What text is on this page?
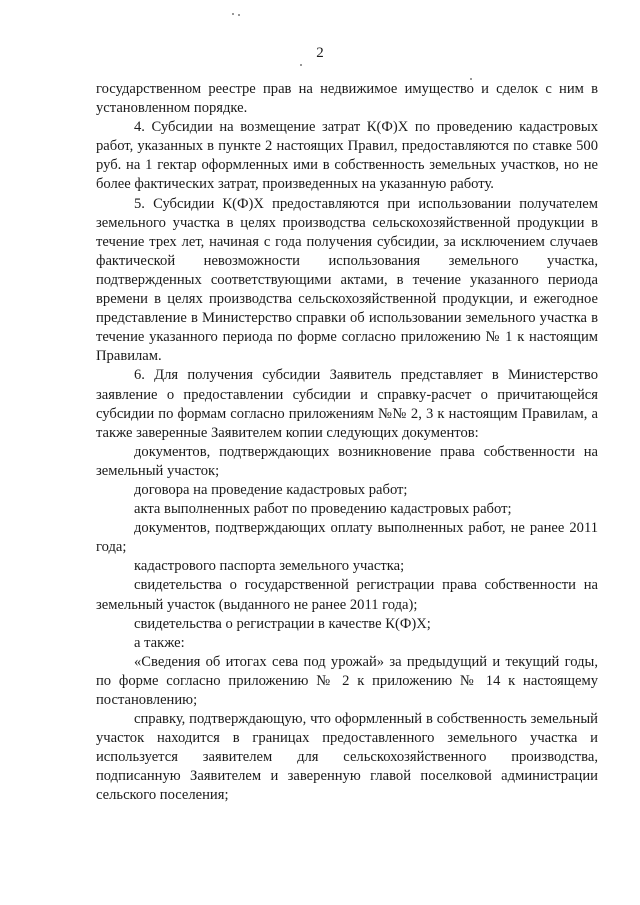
2

государственном реестре прав на недвижимое имущество и сделок с ним в установленном порядке.

4. Субсидии на возмещение затрат К(Ф)Х по проведению кадастровых работ, указанных в пункте 2 настоящих Правил, предоставляются по ставке 500 руб. на 1 гектар оформленных ими в собственность земельных участков, но не более фактических затрат, произведенных на указанную работу.

5. Субсидии К(Ф)Х предоставляются при использовании получателем земельного участка в целях производства сельскохозяйственной продукции в течение трех лет, начиная с года получения субсидии, за исключением случаев фактической невозможности использования земельного участка, подтвержденных соответствующими актами, в течение указанного периода времени в целях производства сельскохозяйственной продукции, и ежегодное представление в Министерство справки об использовании земельного участка в течение указанного периода по форме согласно приложению № 1 к настоящим Правилам.

6. Для получения субсидии Заявитель представляет в Министерство заявление о предоставлении субсидии и справку-расчет о причитающейся субсидии по формам согласно приложениям №№ 2, 3 к настоящим Правилам, а также заверенные Заявителем копии следующих документов:

документов, подтверждающих возникновение права собственности на земельный участок;

договора на проведение кадастровых работ;

акта выполненных работ по проведению кадастровых работ;

документов, подтверждающих оплату выполненных работ, не ранее 2011 года;

кадастрового паспорта земельного участка;

свидетельства о государственной регистрации права собственности на земельный участок (выданного не ранее 2011 года);

свидетельства о регистрации в качестве К(Ф)Х;

а также:

«Сведения об итогах сева под урожай» за предыдущий и текущий годы, по форме согласно приложению № 2 к приложению № 14 к настоящему постановлению;

справку, подтверждающую, что оформленный в собственность земельный участок находится в границах предоставленного земельного участка и используется заявителем для сельскохозяйственного производства, подписанную Заявителем и заверенную главой поселковой администрации сельского поселения;
